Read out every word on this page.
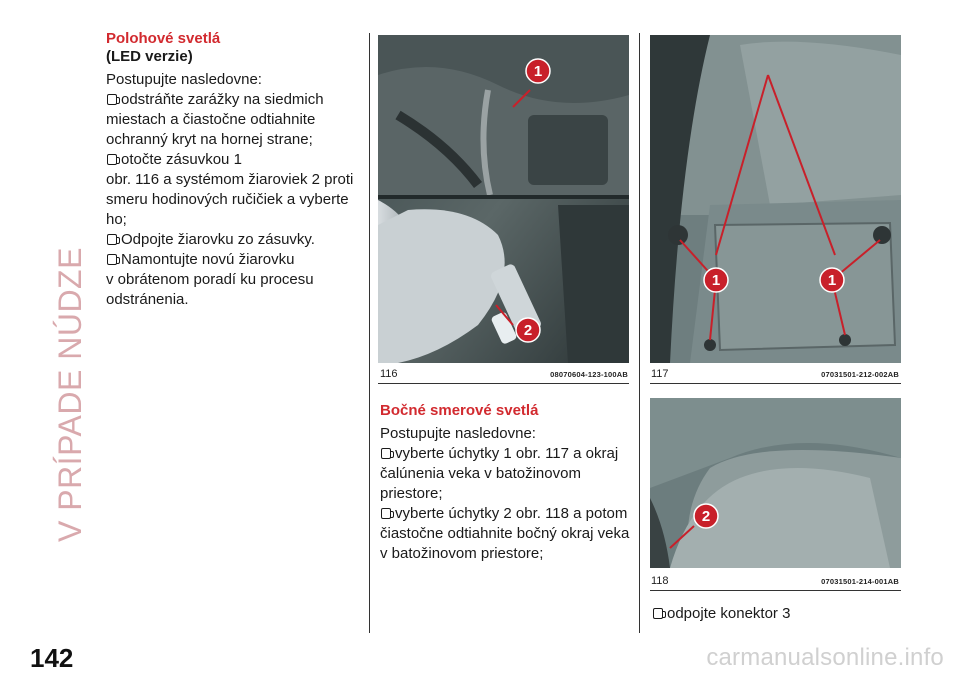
V PRÍPADE NÚDZE

Polohové svetlá

(LED verzie)

Postupujte nasledovne:

odstráňte zarážky na siedmich
miestach a čiastočne odtiahnite
ochranný kryt na hornej strane;

otočte zásuvkou 1
obr. 116 a systémom žiaroviek 2 proti
smeru hodinových ručičiek a vyberte
ho;

Odpojte žiarovku zo zásuvky.

Namontujte novú žiarovku
v obrátenom poradí ku procesu
odstránenia.

1
2
116	08070604-123-100AB
1	1
117	07031501-212-002AB
2
118	07031501-214-001AB

Bočné smerové svetlá

Postupujte nasledovne:

vyberte úchytky 1 obr. 117 a okraj
čalúnenia veka v batožinovom priestore;

vyberte úchytky 2 obr. 118 a potom
čiastočne odtiahnite bočný okraj veka
v batožinovom priestore;

odpojte konektor 3

142	carmanualsonline.info
